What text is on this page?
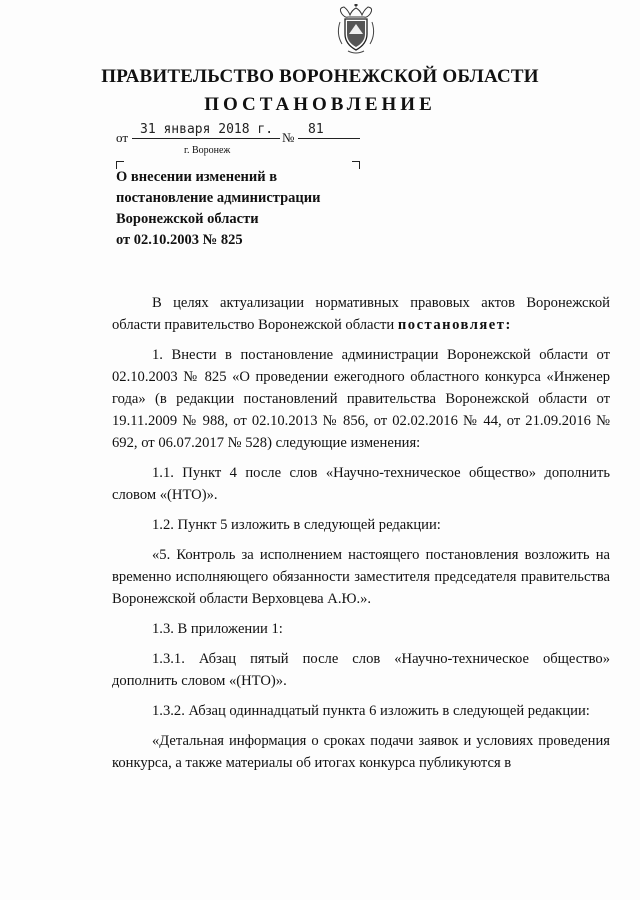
ПРАВИТЕЛЬСТВО ВОРОНЕЖСКОЙ ОБЛАСТИ
ПОСТАНОВЛЕНИЕ
от
31 января 2018 г.
№
81
г. Воронеж
О внесении изменений в
постановление администрации
Воронежской области
от 02.10.2003 № 825

В целях актуализации нормативных правовых актов Воронежской области правительство Воронежской области постановляет:

1. Внести в постановление администрации Воронежской области от 02.10.2003 № 825 «О проведении ежегодного областного конкурса «Инженер года» (в редакции постановлений правительства Воронежской области от 19.11.2009 № 988, от 02.10.2013 № 856, от 02.02.2016 № 44, от 21.09.2016 № 692, от 06.07.2017 № 528) следующие изменения:

1.1. Пункт 4 после слов «Научно-техническое общество» дополнить словом «(НТО)».

1.2. Пункт 5 изложить в следующей редакции:

«5. Контроль за исполнением настоящего постановления возложить на временно исполняющего обязанности заместителя председателя правительства Воронежской области Верховцева А.Ю.».

1.3. В приложении 1:

1.3.1. Абзац пятый после слов «Научно-техническое общество» дополнить словом «(НТО)».

1.3.2. Абзац одиннадцатый пункта 6 изложить в следующей редакции:

«Детальная информация о сроках подачи заявок и условиях проведения конкурса, а также материалы об итогах конкурса публикуются в
